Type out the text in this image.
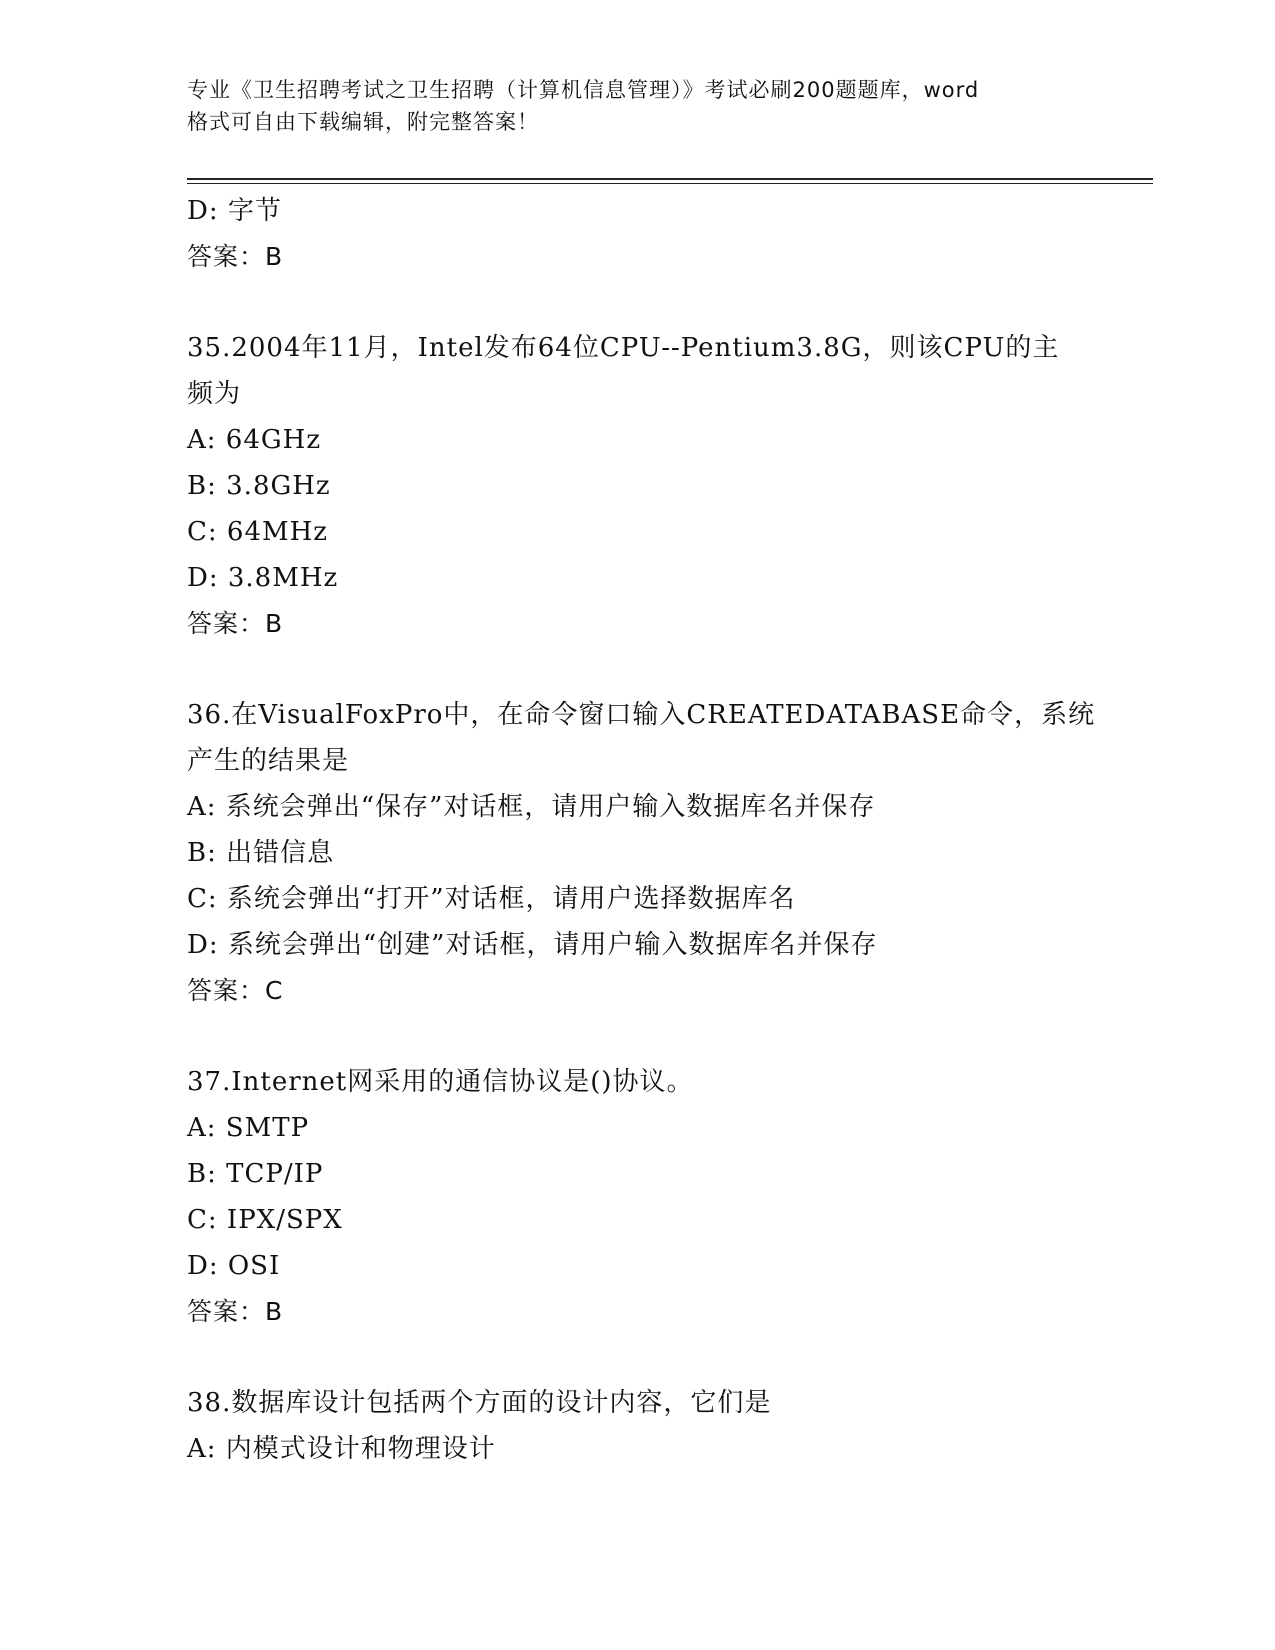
专业《卫生招聘考试之卫生招聘（计算机信息管理）》考试必刷200题题库，word
格式可自由下载编辑，附完整答案！
D: 字节
答案：B
35.2004年11月，Intel发布64位CPU--Pentium3.8G，则该CPU的主
频为
A: 64GHz
B: 3.8GHz
C: 64MHz
D: 3.8MHz
答案：B
36.在VisualFoxPro中，在命令窗口输入CREATEDATABASE命令，系统
产生的结果是
A: 系统会弹出“保存”对话框，请用户输入数据库名并保存
B: 出错信息
C: 系统会弹出“打开”对话框，请用户选择数据库名
D: 系统会弹出“创建”对话框，请用户输入数据库名并保存
答案：C
37.Internet网采用的通信协议是()协议。
A: SMTP
B: TCP/IP
C: IPX/SPX
D: OSI
答案：B
38.数据库设计包括两个方面的设计内容，它们是
A: 内模式设计和物理设计
